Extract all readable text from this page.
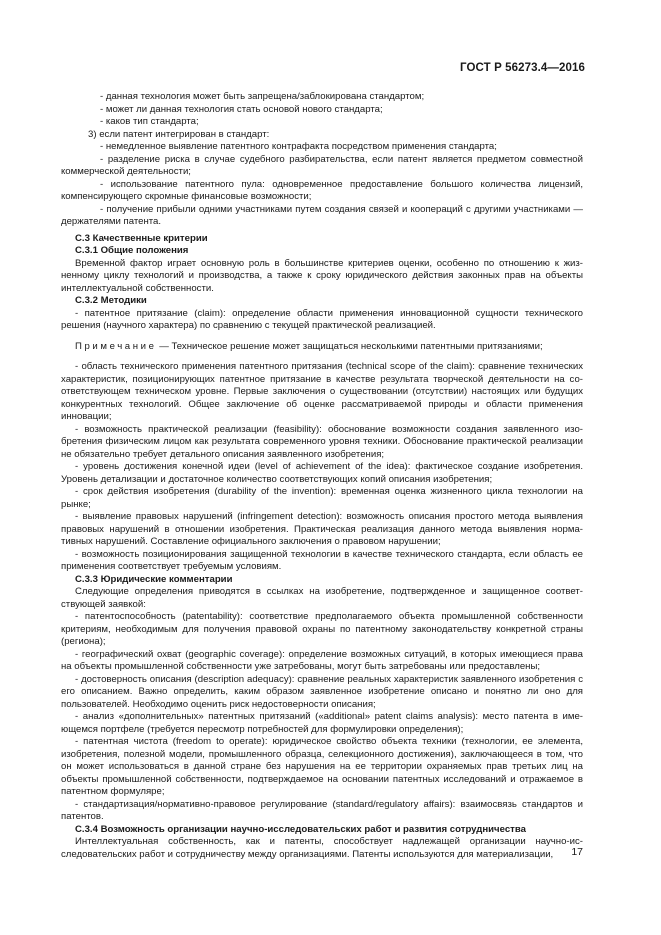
ГОСТ Р 56273.4—2016

- данная технология может быть запрещена/заблокирована стандартом;

- может ли данная технология стать основой нового стандарта;

- каков тип стандарта;

3) если патент интегрирован в стандарт:

- немедленное выявление патентного контрафакта посредством применения стандарта;

- разделение риска в случае судебного разбирательства, если патент является предметом совместной коммерческой деятельности;

- использование патентного пула: одновременное предоставление большого количества лицензий, компенсирующего скромные финансовые возможности;

- получение прибыли одними участниками путем создания связей и коопераций с другими участниками — держателями патента.

С.3 Качественные критерии

С.3.1 Общие положения

Временной фактор играет основную роль в большинстве критериев оценки, особенно по отношению к жизненному циклу технологий и производства, а также к сроку юридического действия законных прав на объекты интеллектуальной собственности.

С.3.2 Методики

- патентное притязание (claim): определение области применения инновационной сущности технического решения (научного характера) по сравнению с текущей практической реализацией.

Примечание — Техническое решение может защищаться несколькими патентными притязаниями;

- область технического применения патентного притязания (technical scope of the claim): сравнение технических характеристик, позиционирующих патентное притязание в качестве результата творческой деятельности на соответствующем техническом уровне. Первые заключения о существовании (отсутствии) настоящих или будущих конкурентных технологий. Общее заключение об оценке рассматриваемой природы и области применения инновации;

- возможность практической реализации (feasibility): обоснование возможности создания заявленного изобретения физическим лицом как результата современного уровня техники. Обоснование практической реализации не обязательно требует детального описания заявленного изобретения;

- уровень достижения конечной идеи (level of achievement of the idea): фактическое создание изобретения. Уровень детализации и достаточное количество соответствующих копий описания изобретения;

- срок действия изобретения (durability of the invention): временная оценка жизненного цикла технологии на рынке;

- выявление правовых нарушений (infringement detection): возможность описания простого метода выявления правовых нарушений в отношении изобретения. Практическая реализация данного метода выявления нормативных нарушений. Составление официального заключения о правовом нарушении;

- возможность позиционирования защищенной технологии в качестве технического стандарта, если область ее применения соответствует требуемым условиям.

С.3.3 Юридические комментарии

Следующие определения приводятся в ссылках на изобретение, подтвержденное и защищенное соответствующей заявкой:

- патентоспособность (patentability): соответствие предполагаемого объекта промышленной собственности критериям, необходимым для получения правовой охраны по патентному законодательству конкретной страны (региона);

- географический охват (geographic coverage): определение возможных ситуаций, в которых имеющиеся права на объекты промышленной собственности уже затребованы, могут быть затребованы или предоставлены;

- достоверность описания (description adequacy): сравнение реальных характеристик заявленного изобретения с его описанием. Важно определить, каким образом заявленное изобретение описано и понятно ли оно для пользователей. Необходимо оценить риск недостоверности описания;

- анализ «дополнительных» патентных притязаний («additional» patent claims analysis): место патента в имеющемся портфеле (требуется пересмотр потребностей для формулировки определения);

- патентная чистота (freedom to operate): юридическое свойство объекта техники (технологии, ее элемента, изобретения, полезной модели, промышленного образца, селекционного достижения), заключающееся в том, что он может использоваться в данной стране без нарушения на ее территории охраняемых прав третьих лиц на объекты промышленной собственности, подтверждаемое на основании патентных исследований и отражаемое в патентном формуляре;

- стандартизация/нормативно-правовое регулирование (standard/regulatory affairs): взаимосвязь стандартов и патентов.

С.3.4 Возможность организации научно-исследовательских работ и развития сотрудничества

Интеллектуальная собственность, как и патенты, способствует надлежащей организации научно-исследовательских работ и сотрудничеству между организациями. Патенты используются для материализации,	17
